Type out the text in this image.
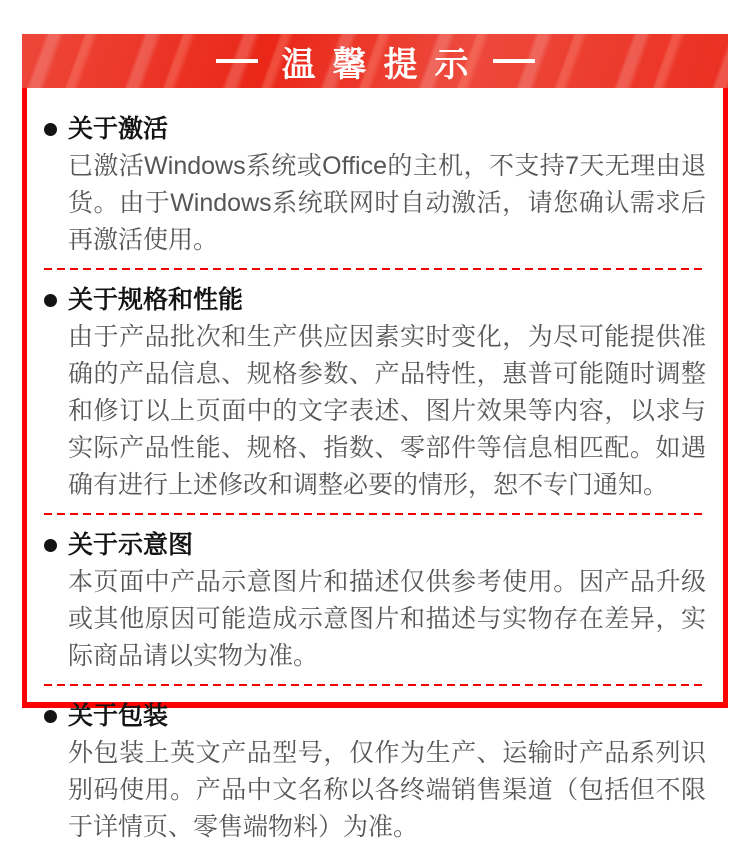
温馨提示
关于激活

已激活Windows系统或Office的主机，不支持7天无理由退货。由于Windows系统联网时自动激活，请您确认需求后再激活使用。

关于规格和性能

由于产品批次和生产供应因素实时变化，为尽可能提供准确的产品信息、规格参数、产品特性，惠普可能随时调整和修订以上页面中的文字表述、图片效果等内容，以求与实际产品性能、规格、指数、零部件等信息相匹配。如遇确有进行上述修改和调整必要的情形，恕不专门通知。

关于示意图

本页面中产品示意图片和描述仅供参考使用。因产品升级或其他原因可能造成示意图片和描述与实物存在差异，实际商品请以实物为准。

关于包装

外包装上英文产品型号，仅作为生产、运输时产品系列识别码使用。产品中文名称以各终端销售渠道（包括但不限于详情页、零售端物料）为准。
